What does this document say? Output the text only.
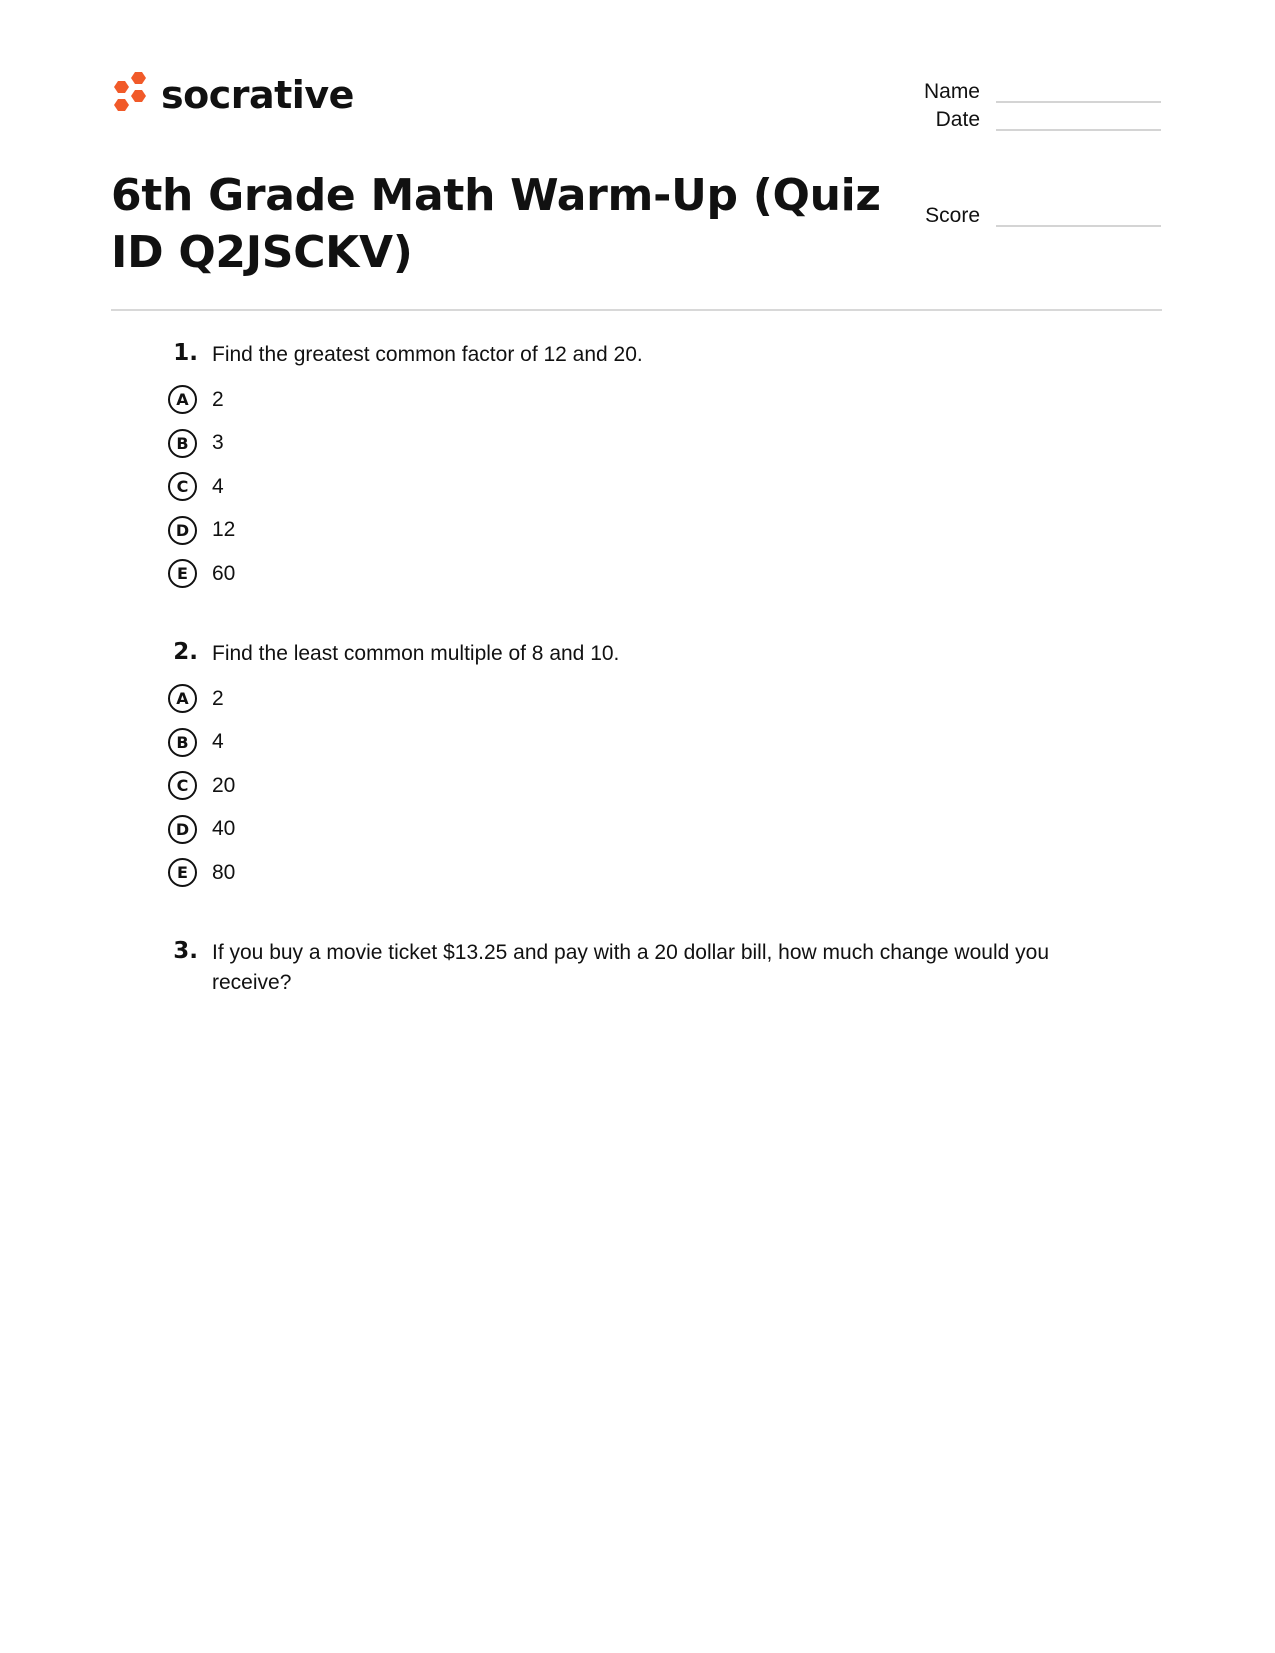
socrative	Name
Date
Score
6th Grade Math Warm-Up (Quiz ID Q2JSCKV)
1. Find the greatest common factor of 12 and 20.
A	2
B	3
C	4
D	12
E	60
2. Find the least common multiple of 8 and 10.
A	2
B	4
C	20
D	40
E	80
3. If you buy a movie ticket $13.25 and pay with a 20 dollar bill, how much change would you receive?
